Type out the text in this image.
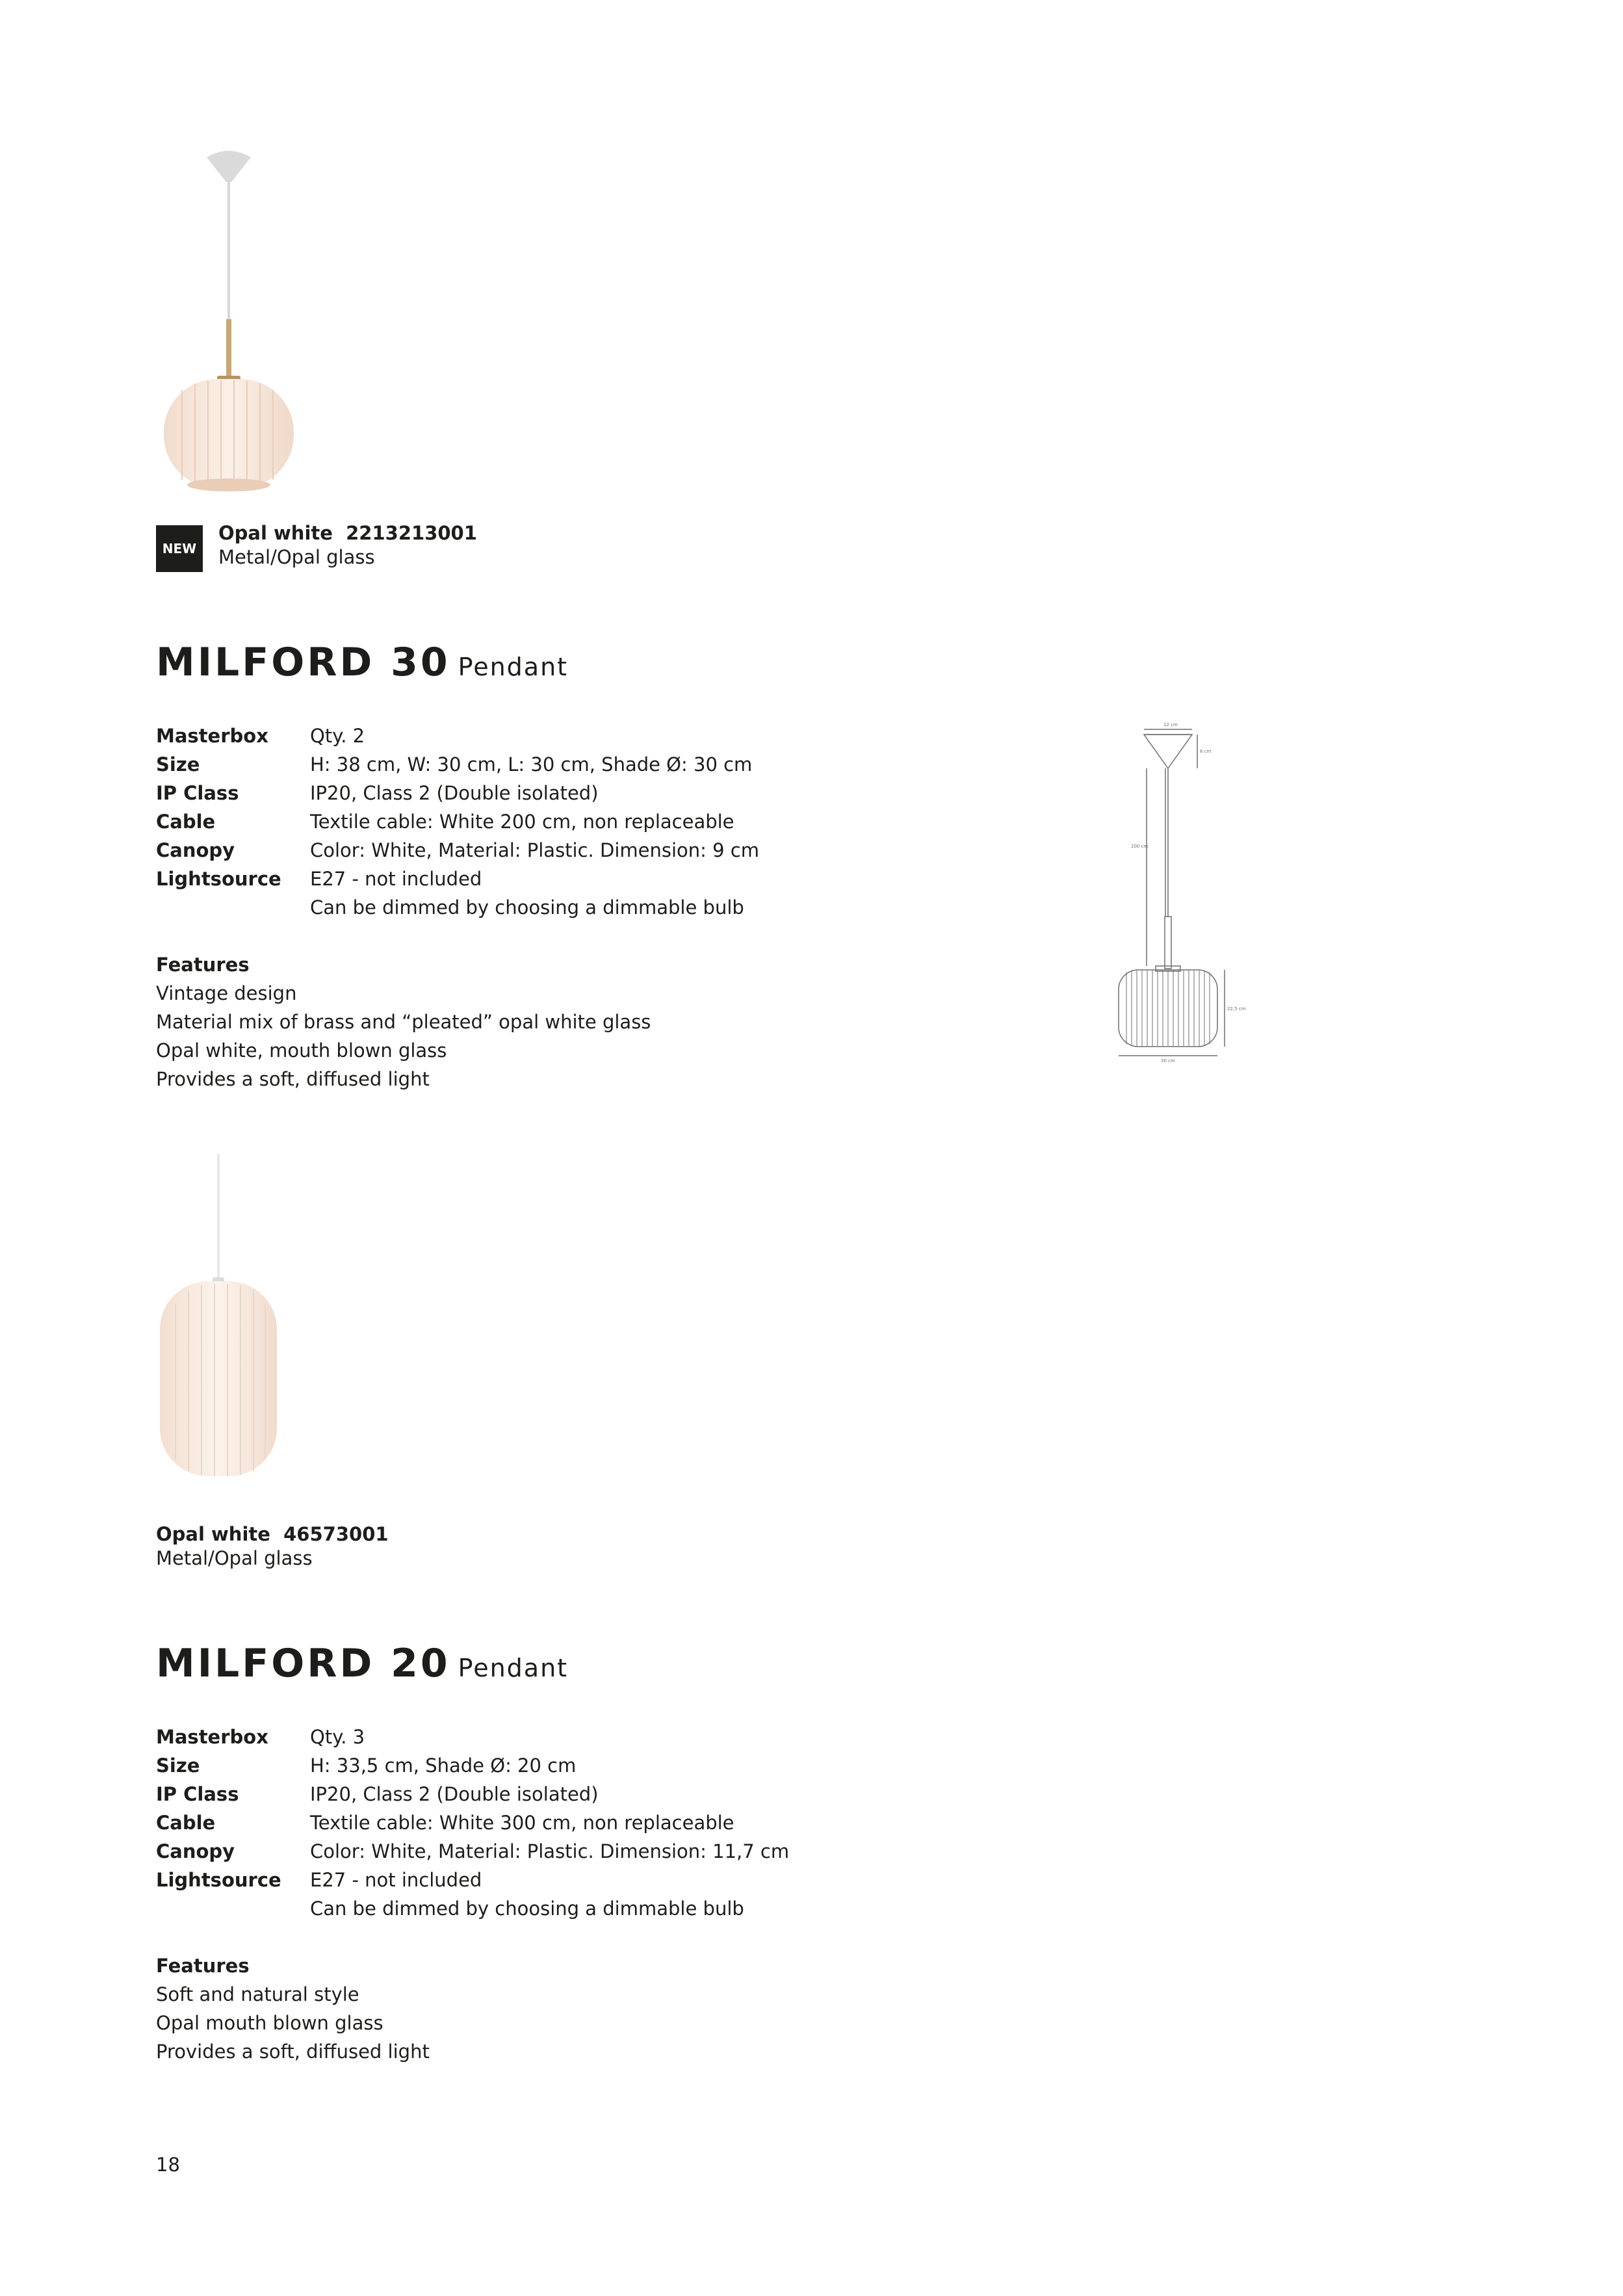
NEW
Opal white  2213213001
Metal/Opal glass
MILFORD 30 Pendant
Masterbox Qty. 2
Size	H: 38 cm, W: 30 cm, L: 30 cm, Shade Ø: 30 cm
IP Class	IP20, Class 2 (Double isolated)
Cable	Textile cable: White 200 cm, non replaceable
Canopy	Color: White, Material: Plastic. Dimension: 9 cm
Lightsource E27 - not included
Can be dimmed by choosing a dimmable bulb
Features
Vintage design
Material mix of brass and “pleated” opal white glass
Opal white, mouth blown glass
Provides a soft, diffused light
12 cm
6 cm
200 cm
22,5 cm
30 cm
Opal white  46573001
Metal/Opal glass
MILFORD 20 Pendant
Masterbox Qty. 3
Size	H: 33,5 cm, Shade Ø: 20 cm
IP Class	IP20, Class 2 (Double isolated)
Cable	Textile cable: White 300 cm, non replaceable
Canopy	Color: White, Material: Plastic. Dimension: 11,7 cm
Lightsource E27 - not included
Can be dimmed by choosing a dimmable bulb
Features
Soft and natural style
Opal mouth blown glass
Provides a soft, diffused light
18
